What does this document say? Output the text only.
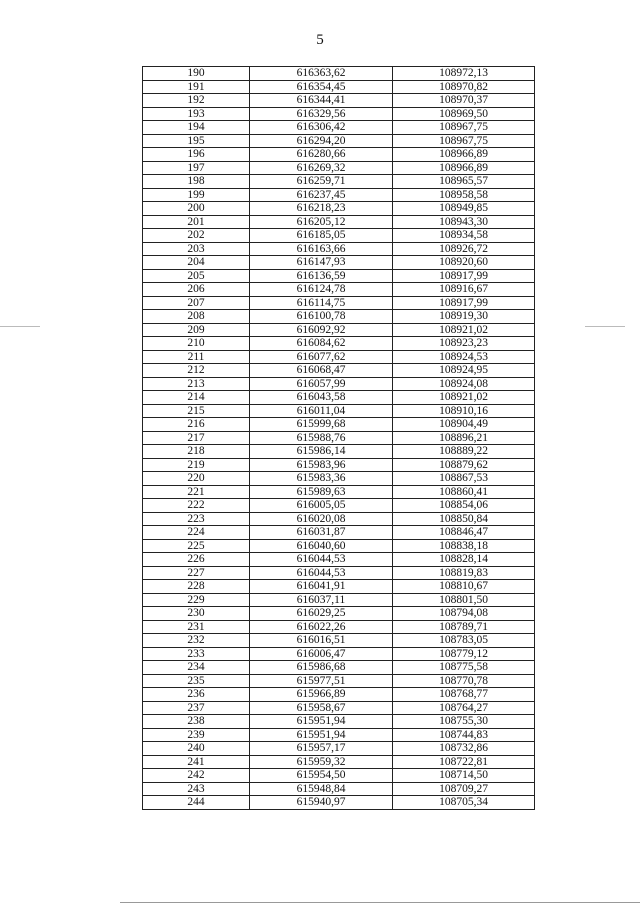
5
190	616363,62	108972,13
191	616354,45	108970,82
192	616344,41	108970,37
193	616329,56	108969,50
194	616306,42	108967,75
195	616294,20	108967,75
196	616280,66	108966,89
197	616269,32	108966,89
198	616259,71	108965,57
199	616237,45	108958,58
200	616218,23	108949,85
201	616205,12	108943,30
202	616185,05	108934,58
203	616163,66	108926,72
204	616147,93	108920,60
205	616136,59	108917,99
206	616124,78	108916,67
207	616114,75	108917,99
208	616100,78	108919,30
209	616092,92	108921,02
210	616084,62	108923,23
211	616077,62	108924,53
212	616068,47	108924,95
213	616057,99	108924,08
214	616043,58	108921,02
215	616011,04	108910,16
216	615999,68	108904,49
217	615988,76	108896,21
218	615986,14	108889,22
219	615983,96	108879,62
220	615983,36	108867,53
221	615989,63	108860,41
222	616005,05	108854,06
223	616020,08	108850,84
224	616031,87	108846,47
225	616040,60	108838,18
226	616044,53	108828,14
227	616044,53	108819,83
228	616041,91	108810,67
229	616037,11	108801,50
230	616029,25	108794,08
231	616022,26	108789,71
232	616016,51	108783,05
233	616006,47	108779,12
234	615986,68	108775,58
235	615977,51	108770,78
236	615966,89	108768,77
237	615958,67	108764,27
238	615951,94	108755,30
239	615951,94	108744,83
240	615957,17	108732,86
241	615959,32	108722,81
242	615954,50	108714,50
243	615948,84	108709,27
244	615940,97	108705,34
